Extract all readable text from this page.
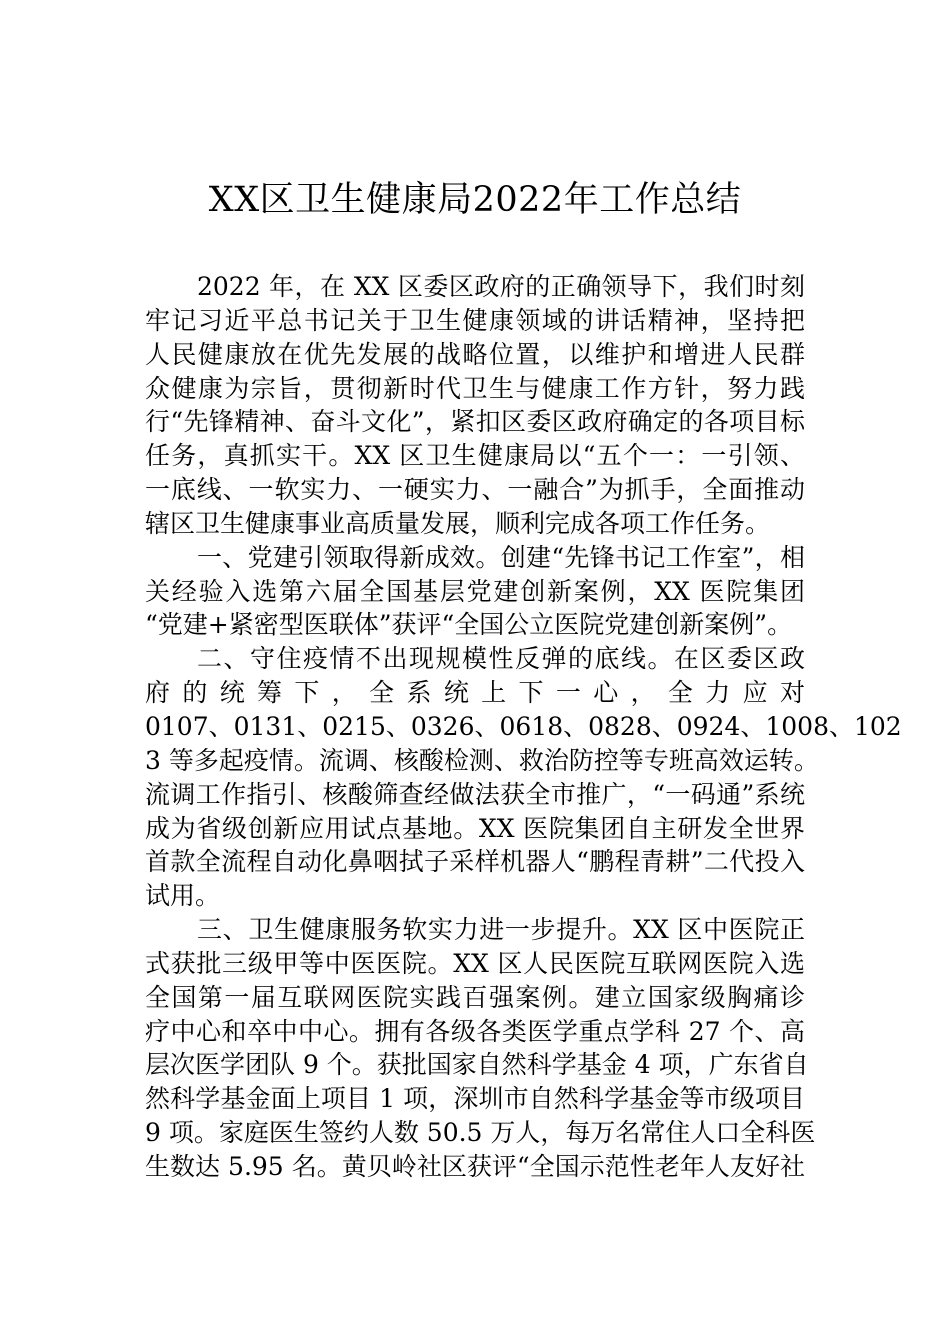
XX区卫生健康局2022年工作总结
2022 年，在 XX 区委区政府的正确领导下，我们时刻
牢记习近平总书记关于卫生健康领域的讲话精神，坚持把
人民健康放在优先发展的战略位置，以维护和增进人民群
众健康为宗旨，贯彻新时代卫生与健康工作方针，努力践
行“先锋精神、奋斗文化”，紧扣区委区政府确定的各项目标
任务，真抓实干。XX 区卫生健康局以“五个一：一引领、
一底线、一软实力、一硬实力、一融合”为抓手，全面推动
辖区卫生健康事业高质量发展，顺利完成各项工作任务。
一、党建引领取得新成效。创建“先锋书记工作室”，相
关经验入选第六届全国基层党建创新案例，XX 医院集团
“党建+紧密型医联体”获评“全国公立医院党建创新案例”。
二、守住疫情不出现规模性反弹的底线。在区委区政
府 的 统 筹 下 ， 全 系 统 上 下 一 心 ， 全 力 应 对
0107、0131、0215、0326、0618、0828、0924、1008、102
3 等多起疫情。流调、核酸检测、救治防控等专班高效运转。
流调工作指引、核酸筛查经做法获全市推广，“一码通”系统
成为省级创新应用试点基地。XX 医院集团自主研发全世界
首款全流程自动化鼻咽拭子采样机器人“鹏程青耕”二代投入
试用。
三、卫生健康服务软实力进一步提升。XX 区中医院正
式获批三级甲等中医医院。XX 区人民医院互联网医院入选
全国第一届互联网医院实践百强案例。建立国家级胸痛诊
疗中心和卒中中心。拥有各级各类医学重点学科 27 个、高
层次医学团队 9 个。获批国家自然科学基金 4 项，广东省自
然科学基金面上项目 1 项，深圳市自然科学基金等市级项目
9 项。家庭医生签约人数 50.5 万人，每万名常住人口全科医
生数达 5.95 名。黄贝岭社区获评“全国示范性老年人友好社
